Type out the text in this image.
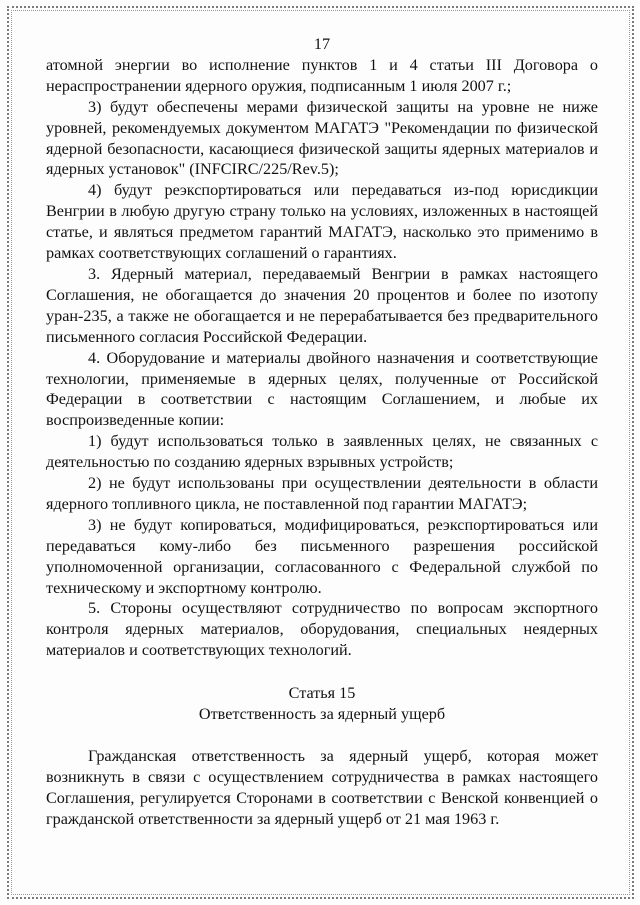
17

атомной энергии во исполнение пунктов 1 и 4 статьи III Договора о нераспространении ядерного оружия, подписанным 1 июля 2007 г.;

3) будут обеспечены мерами физической защиты на уровне не ниже уровней, рекомендуемых документом МАГАТЭ "Рекомендации по физической ядерной безопасности, касающиеся физической защиты ядерных материалов и ядерных установок" (INFCIRC/225/Rev.5);

4) будут реэкспортироваться или передаваться из-под юрисдикции Венгрии в любую другую страну только на условиях, изложенных в настоящей статье, и являться предметом гарантий МАГАТЭ, насколько это применимо в рамках соответствующих соглашений о гарантиях.

3. Ядерный материал, передаваемый Венгрии в рамках настоящего Соглашения, не обогащается до значения 20 процентов и более по изотопу уран-235, а также не обогащается и не перерабатывается без предварительного письменного согласия Российской Федерации.

4. Оборудование и материалы двойного назначения и соответствующие технологии, применяемые в ядерных целях, полученные от Российской Федерации в соответствии с настоящим Соглашением, и любые их воспроизведенные копии:

1) будут использоваться только в заявленных целях, не связанных с деятельностью по созданию ядерных взрывных устройств;

2) не будут использованы при осуществлении деятельности в области ядерного топливного цикла, не поставленной под гарантии МАГАТЭ;

3) не будут копироваться, модифицироваться, реэкспортироваться или передаваться кому-либо без письменного разрешения российской уполномоченной организации, согласованного с Федеральной службой по техническому и экспортному контролю.

5. Стороны осуществляют сотрудничество по вопросам экспортного контроля ядерных материалов, оборудования, специальных неядерных материалов и соответствующих технологий.

Статья 15
Ответственность за ядерный ущерб

Гражданская ответственность за ядерный ущерб, которая может возникнуть в связи с осуществлением сотрудничества в рамках настоящего Соглашения, регулируется Сторонами в соответствии с Венской конвенцией о гражданской ответственности за ядерный ущерб от 21 мая 1963 г.
